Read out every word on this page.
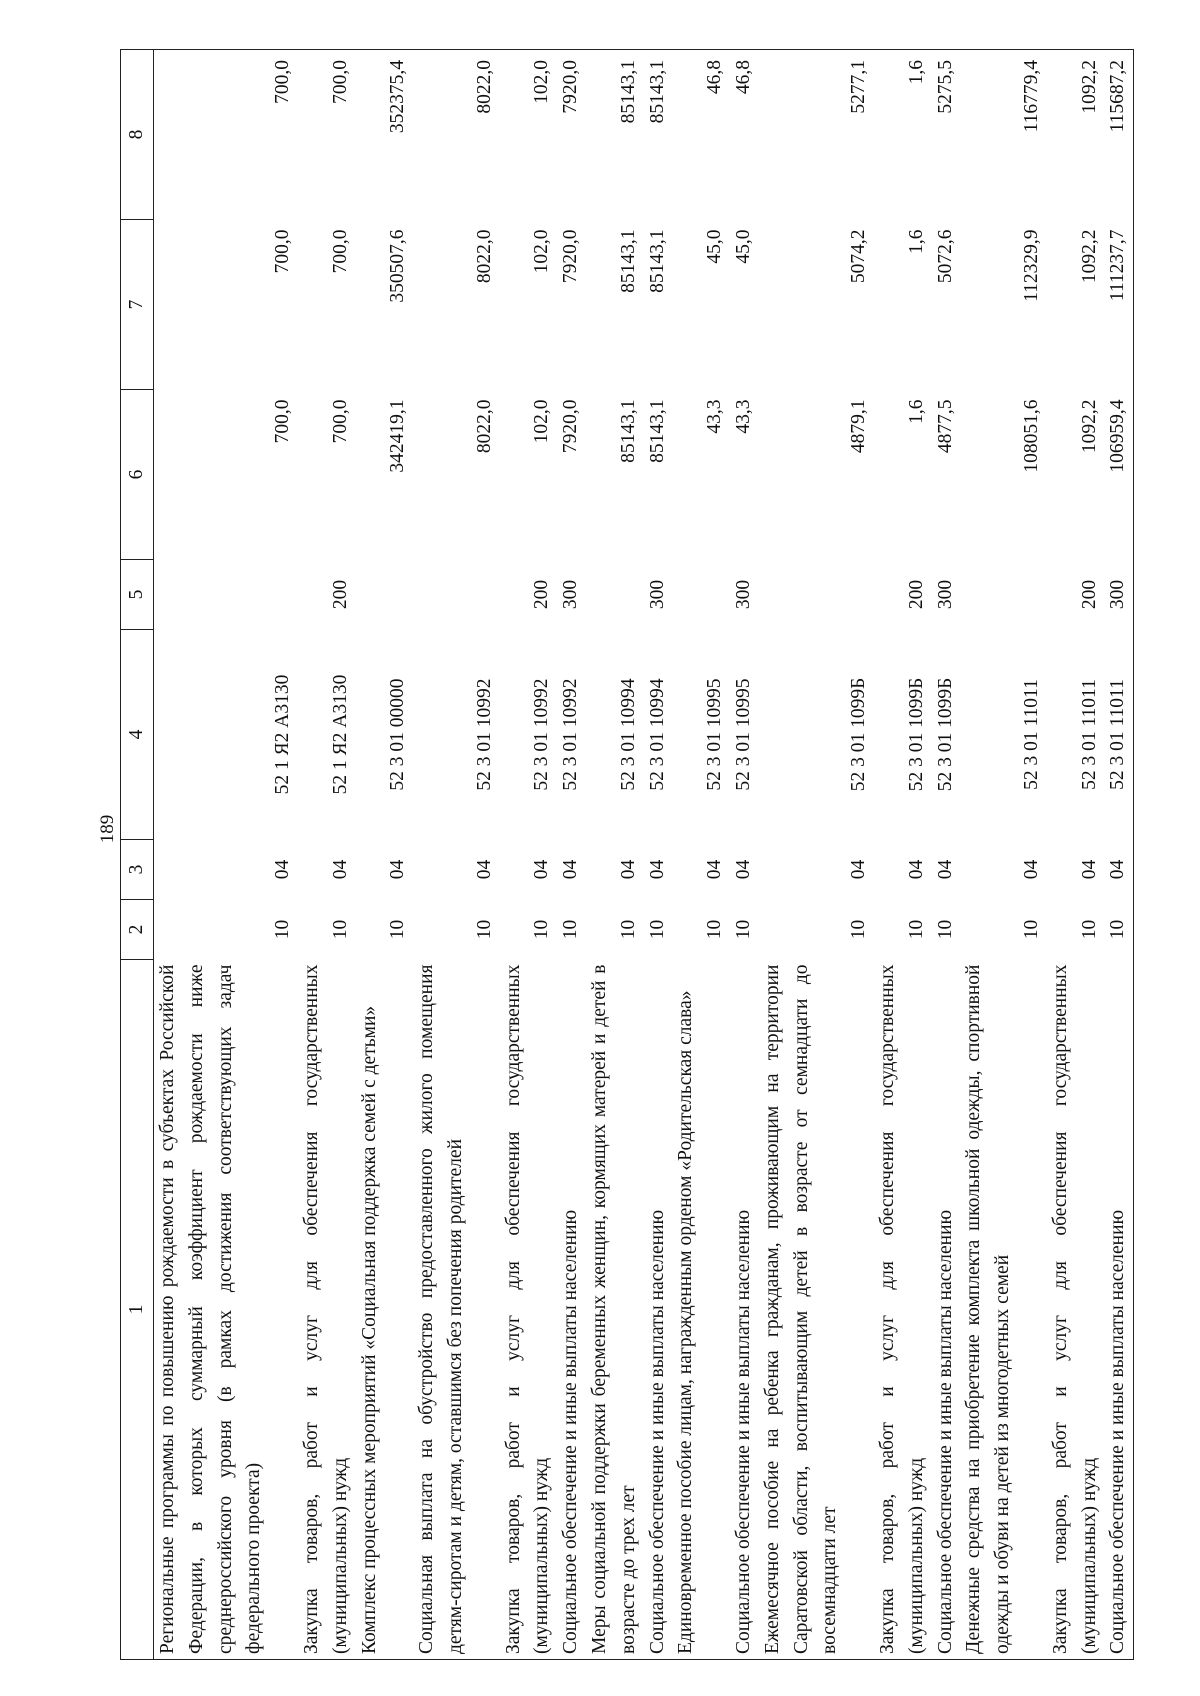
189
1	2	3	4	5	6	7	8
Региональные программы по повышению рождаемости в субъектах Российской Федерации, в которых суммарный коэффициент рождаемости ниже среднероссийского уровня (в рамках достижения соответствующих задач федерального проекта)	10	04	52 1 Я2 А3130		700,0	700,0	700,0
Закупка товаров, работ и услуг для обеспечения государственных (муниципальных) нужд	10	04	52 1 Я2 А3130	200	700,0	700,0	700,0
Комплекс процессных мероприятий «Социальная поддержка семей с детьми»	10	04	52 3 01 00000		342419,1	350507,6	352375,4
Социальная выплата на обустройство предоставленного жилого помещения детям-сиротам и детям, оставшимся без попечения родителей	10	04	52 3 01 10992		8022,0	8022,0	8022,0
Закупка товаров, работ и услуг для обеспечения государственных (муниципальных) нужд	10	04	52 3 01 10992	200	102,0	102,0	102,0
Социальное обеспечение и иные выплаты населению	10	04	52 3 01 10992	300	7920,0	7920,0	7920,0
Меры социальной поддержки беременных женщин, кормящих матерей и детей в возрасте до трех лет	10	04	52 3 01 10994		85143,1	85143,1	85143,1
Социальное обеспечение и иные выплаты населению	10	04	52 3 01 10994	300	85143,1	85143,1	85143,1
Единовременное пособие лицам, награжденным орденом «Родительская слава»	10	04	52 3 01 10995		43,3	45,0	46,8
Социальное обеспечение и иные выплаты населению	10	04	52 3 01 10995	300	43,3	45,0	46,8
Ежемесячное пособие на ребенка гражданам, проживающим на территории Саратовской области, воспитывающим детей в возрасте от семнадцати до восемнадцати лет	10	04	52 3 01 1099Б		4879,1	5074,2	5277,1
Закупка товаров, работ и услуг для обеспечения государственных (муниципальных) нужд	10	04	52 3 01 1099Б	200	1,6	1,6	1,6
Социальное обеспечение и иные выплаты населению	10	04	52 3 01 1099Б	300	4877,5	5072,6	5275,5
Денежные средства на приобретение комплекта школьной одежды, спортивной одежды и обуви на детей из многодетных семей	10	04	52 3 01 11011		108051,6	112329,9	116779,4
Закупка товаров, работ и услуг для обеспечения государственных (муниципальных) нужд	10	04	52 3 01 11011	200	1092,2	1092,2	1092,2
Социальное обеспечение и иные выплаты населению	10	04	52 3 01 11011	300	106959,4	111237,7	115687,2
